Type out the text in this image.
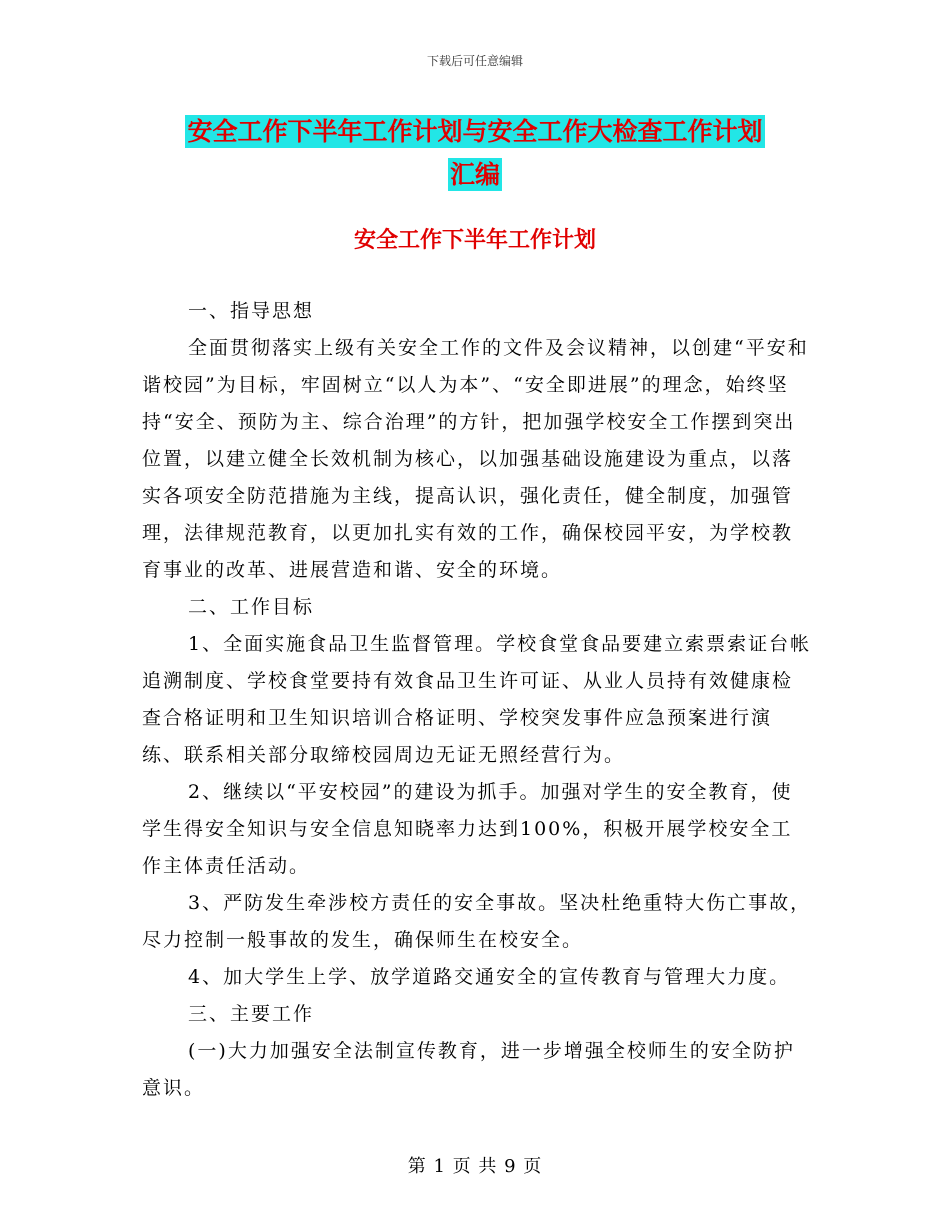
下载后可任意编辑
安全工作下半年工作计划与安全工作大检查工作计划
汇编
安全工作下半年工作计划

一、指导思想

全面贯彻落实上级有关安全工作的文件及会议精神，以创建“平安和谐校园”为目标，牢固树立“以人为本”、“安全即进展”的理念，始终坚持“安全、预防为主、综合治理”的方针，把加强学校安全工作摆到突出位置，以建立健全长效机制为核心，以加强基础设施建设为重点，以落实各项安全防范措施为主线，提高认识，强化责任，健全制度，加强管理，法律规范教育，以更加扎实有效的工作，确保校园平安，为学校教育事业的改革、进展营造和谐、安全的环境。

二、工作目标

1、全面实施食品卫生监督管理。学校食堂食品要建立索票索证台帐追溯制度、学校食堂要持有效食品卫生许可证、从业人员持有效健康检查合格证明和卫生知识培训合格证明、学校突发事件应急预案进行演练、联系相关部分取缔校园周边无证无照经营行为。

2、继续以“平安校园”的建设为抓手。加强对学生的安全教育，使学生得安全知识与安全信息知晓率力达到100%，积极开展学校安全工作主体责任活动。

3、严防发生牵涉校方责任的安全事故。坚决杜绝重特大伤亡事故，尽力控制一般事故的发生，确保师生在校安全。

4、加大学生上学、放学道路交通安全的宣传教育与管理大力度。

三、主要工作

(一)大力加强安全法制宣传教育，进一步增强全校师生的安全防护意识。

第 1 页 共 9 页
